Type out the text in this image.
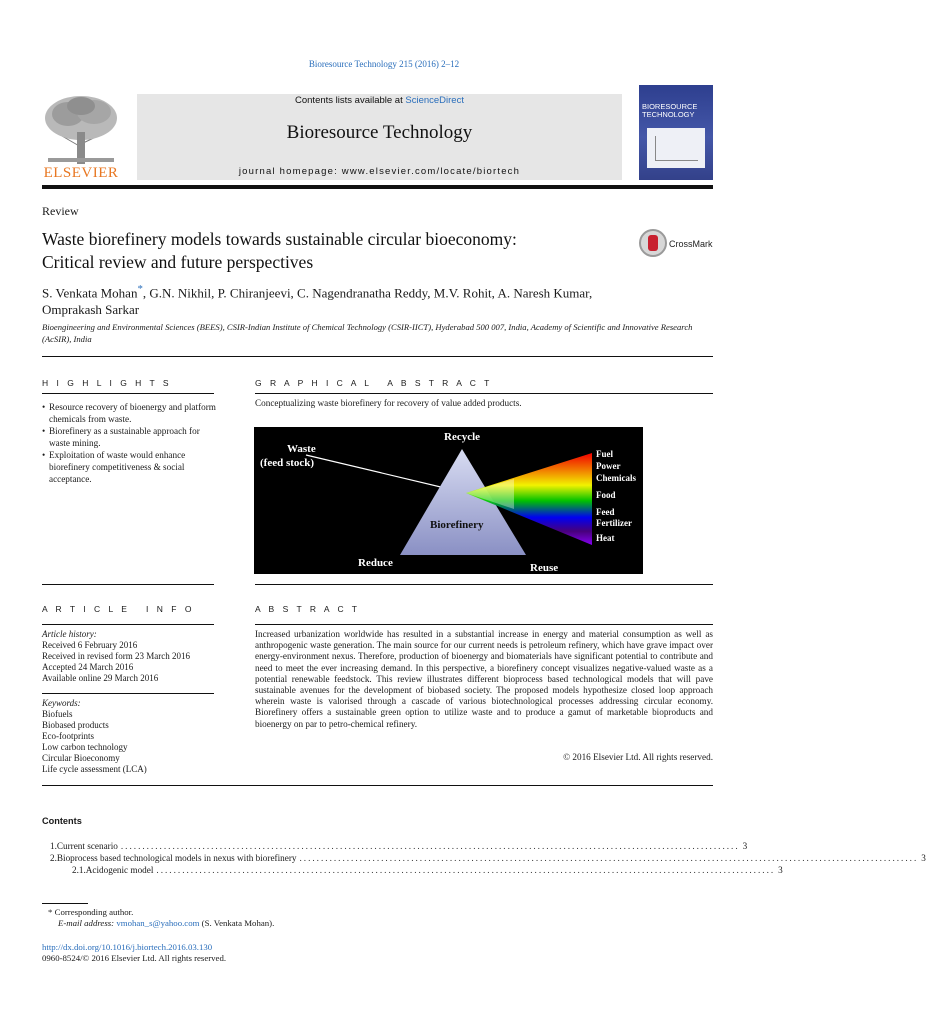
Bioresource Technology 215 (2016) 2–12
ELSEVIER
Contents lists available at ScienceDirect
Bioresource Technology
journal homepage: www.elsevier.com/locate/biortech
BIORESOURCE TECHNOLOGY
Review
Waste biorefinery models towards sustainable circular bioeconomy:
Critical review and future perspectives
CrossMark
S. Venkata Mohan*, G.N. Nikhil, P. Chiranjeevi, C. Nagendranatha Reddy, M.V. Rohit, A. Naresh Kumar,
Omprakash Sarkar
Bioengineering and Environmental Sciences (BEES), CSIR-Indian Institute of Chemical Technology (CSIR-IICT), Hyderabad 500 007, India, Academy of Scientific and Innovative Research (AcSIR), India
H I G H L I G H T S
• Resource recovery of bioenergy and platform chemicals from waste.
• Biorefinery as a sustainable approach for waste mining.
• Exploitation of waste would enhance biorefinery competitiveness & social acceptance.
G R A P H I C A L   A B S T R A C T
Conceptualizing waste biorefinery for recovery of value added products.
Waste
(feed stock)
Recycle
Biorefinery
Reduce	Reuse
Fuel
Power
Chemicals
Food
Feed
Fertilizer
Heat
A R T I C L E   I N F O
Article history:
Received 6 February 2016
Received in revised form 23 March 2016
Accepted 24 March 2016
Available online 29 March 2016
Keywords:
Biofuels
Biobased products
Eco-footprints
Low carbon technology
Circular Bioeconomy
Life cycle assessment (LCA)
A B S T R A C T
Increased urbanization worldwide has resulted in a substantial increase in energy and material consumption as well as anthropogenic waste generation. The main source for our current needs is petroleum refinery, which have grave impact over energy-environment nexus. Therefore, production of bioenergy and biomaterials have significant potential to contribute and need to meet the ever increasing demand. In this perspective, a biorefinery concept visualizes negative-valued waste as a potential renewable feedstock. This review illustrates different bioprocess based technological models that will pave sustainable avenues for the development of biobased society. The proposed models hypothesize closed loop approach wherein waste is valorised through a cascade of various biotechnological processes addressing circular economy. Biorefinery offers a sustainable green option to utilize waste and to produce a gamut of marketable bioproducts and bioenergy on par to petro-chemical refinery.
© 2016 Elsevier Ltd. All rights reserved.
Contents
1. Current scenario ................................................................................................................................................ 3
2. Bioprocess based technological models in nexus with biorefinery ................................................................................................................................................ 3
2.1. Acidogenic model ................................................................................................................................................ 3
* Corresponding author.
E-mail address: vmohan_s@yahoo.com (S. Venkata Mohan).
http://dx.doi.org/10.1016/j.biortech.2016.03.130
0960-8524/© 2016 Elsevier Ltd. All rights reserved.
